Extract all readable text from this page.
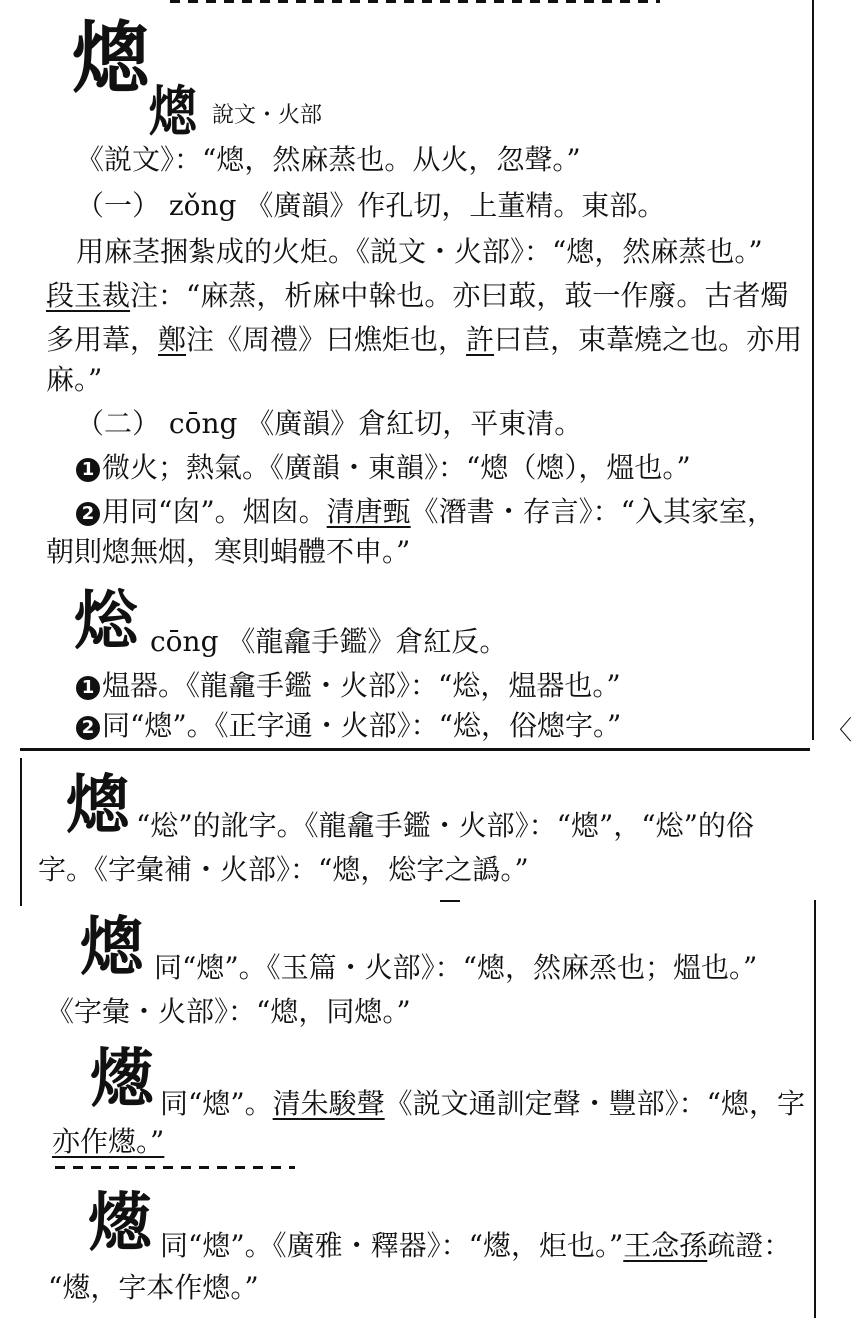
〈
熜
熜 說文・火部
《説文》：“熜，然麻蒸也。从火，忽聲。”
（一） zǒng 《廣韻》作孔切，上董精。東部。
用麻茎捆紮成的火炬。《説文・火部》：“熜，然麻蒸也。”
段玉裁注：“麻蒸，析麻中榦也。亦曰菆，菆一作廢。古者燭
多用葦，鄭注《周禮》曰燋炬也，許曰苣，束葦燒之也。亦用
麻。”
（二） cōng 《廣韻》倉紅切，平東清。
1 微火；熱氣。《廣韻・東韻》：“熜（熜），熅也。”
2 用同“囱”。烟囱。清唐甄《潛書・存言》：“入其家室，
朝則熜無烟，寒則蜎體不申。”
焧 cōng 《龍龕手鑑》倉紅反。
1 煴器。《龍龕手鑑・火部》：“焧，煴器也。”
2 同“熜”。《正字通・火部》：“焧，俗熜字。”
熜 “焧”的訛字。《龍龕手鑑・火部》：“熜”，“焧”的俗
字。《字彙補・火部》：“熜，焧字之譌。”
熜 同“熜”。《玉篇・火部》：“熜，然麻烝也；熅也。”
《字彙・火部》：“熜，同熜。”
燪 同“熜”。清朱駿聲《説文通訓定聲・豐部》：“熜，字
亦作燪。”
燪 同“熜”。《廣雅・釋器》：“燪，炬也。”王念孫疏證：
“燪，字本作熜。”
